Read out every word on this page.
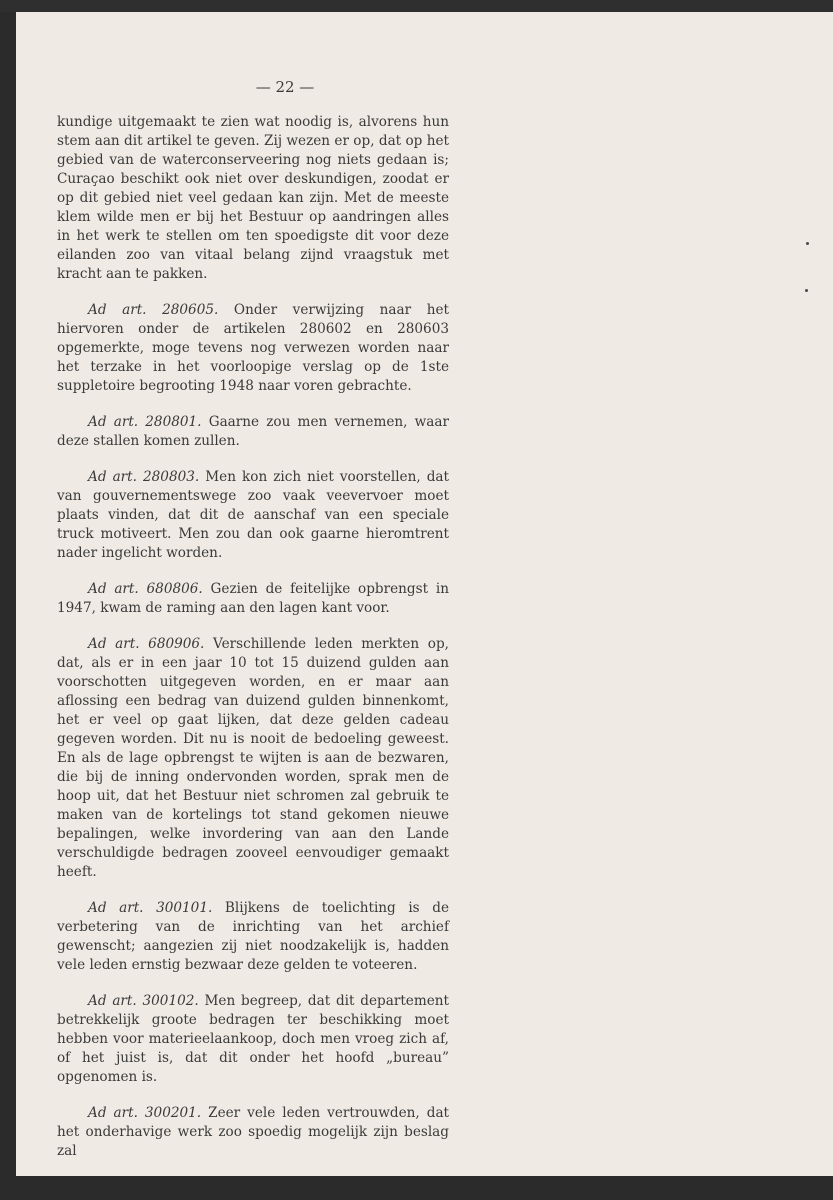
— 22 —

kundige uitgemaakt te zien wat noodig is, alvorens hun stem aan dit artikel te geven. Zij wezen er op, dat op het gebied van de waterconserveering nog niets gedaan is; Curaçao beschikt ook niet over deskundigen, zoodat er op dit gebied niet veel gedaan kan zijn. Met de meeste klem wilde men er bij het Bestuur op aandringen alles in het werk te stellen om ten spoedigste dit voor deze eilanden zoo van vitaal belang zijnd vraagstuk met kracht aan te pakken.

Ad art. 280605. Onder verwijzing naar het hiervoren onder de artikelen 280602 en 280603 opgemerkte, moge tevens nog verwezen worden naar het terzake in het voorloopige verslag op de 1ste suppletoire begrooting 1948 naar voren gebrachte.

Ad art. 280801. Gaarne zou men vernemen, waar deze stallen komen zullen.

Ad art. 280803. Men kon zich niet voorstellen, dat van gouvernementswege zoo vaak veevervoer moet plaats vinden, dat dit de aanschaf van een speciale truck motiveert. Men zou dan ook gaarne hieromtrent nader ingelicht worden.

Ad art. 680806. Gezien de feitelijke opbrengst in 1947, kwam de raming aan den lagen kant voor.

Ad art. 680906. Verschillende leden merkten op, dat, als er in een jaar 10 tot 15 duizend gulden aan voorschotten uitgegeven worden, en er maar aan aflossing een bedrag van duizend gulden binnenkomt, het er veel op gaat lijken, dat deze gelden cadeau gegeven worden. Dit nu is nooit de bedoeling geweest. En als de lage opbrengst te wijten is aan de bezwaren, die bij de inning ondervonden worden, sprak men de hoop uit, dat het Bestuur niet schromen zal gebruik te maken van de kortelings tot stand gekomen nieuwe bepalingen, welke invordering van aan den Lande verschuldigde bedragen zooveel eenvoudiger gemaakt heeft.

Ad art. 300101. Blijkens de toelichting is de verbetering van de inrichting van het archief gewenscht; aangezien zij niet noodzakelijk is, hadden vele leden ernstig bezwaar deze gelden te voteeren.

Ad art. 300102. Men begreep, dat dit departement betrekkelijk groote bedragen ter beschikking moet hebben voor materieelaankoop, doch men vroeg zich af, of het juist is, dat dit onder het hoofd „bureau” opgenomen is.

Ad art. 300201. Zeer vele leden vertrouwden, dat het onderhavige werk zoo spoedig mogelijk zijn beslag zal
